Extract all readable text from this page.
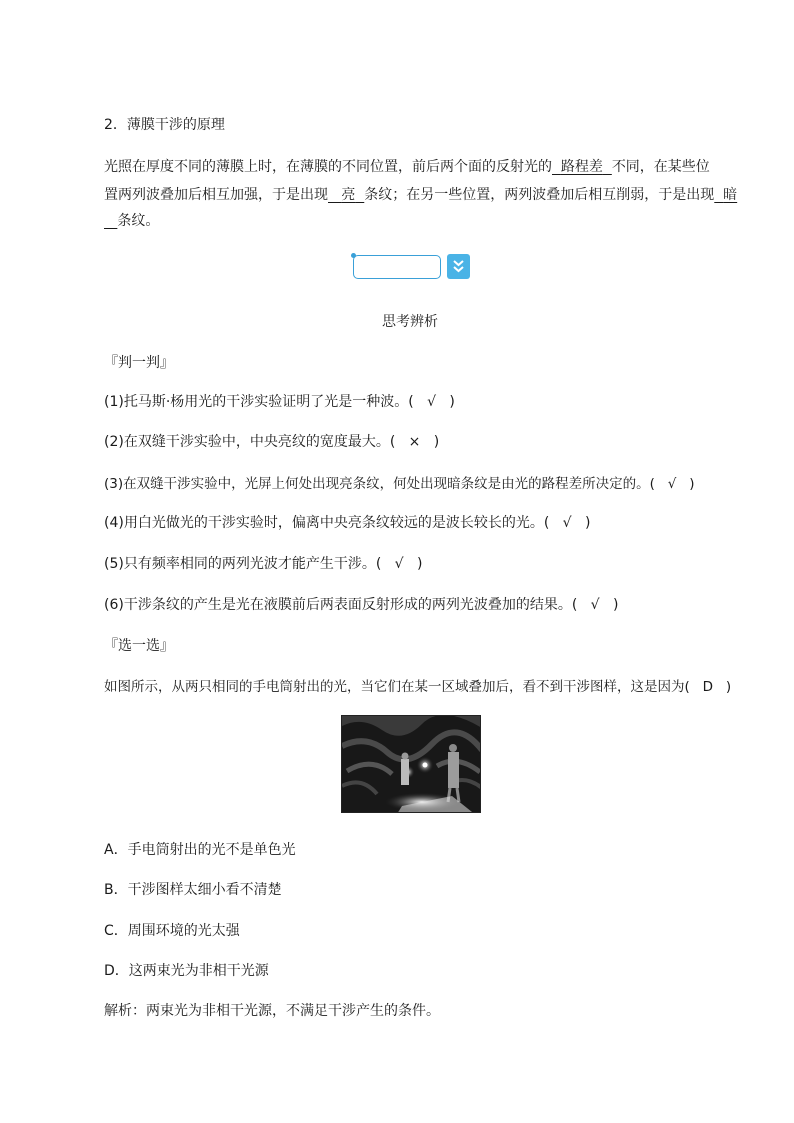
2．薄膜干涉的原理
光照在厚度不同的薄膜上时，在薄膜的不同位置，前后两个面的反射光的 路程差 不同，在某些位
置两列波叠加后相互加强，于是出现 亮 条纹；在另一些位置，两列波叠加后相互削弱，于是出现 暗
条纹。
思考辨析
『判一判』
(1)托马斯·杨用光的干涉实验证明了光是一种波。( √ )
(2)在双缝干涉实验中，中央亮纹的宽度最大。( × )
(3)在双缝干涉实验中，光屏上何处出现亮条纹，何处出现暗条纹是由光的路程差所决定的。( √ )
(4)用白光做光的干涉实验时，偏离中央亮条纹较远的是波长较长的光。( √ )
(5)只有频率相同的两列光波才能产生干涉。( √ )
(6)干涉条纹的产生是光在液膜前后两表面反射形成的两列光波叠加的结果。( √ )
『选一选』
如图所示，从两只相同的手电筒射出的光，当它们在某一区域叠加后，看不到干涉图样，这是因为( D )
A．手电筒射出的光不是单色光
B．干涉图样太细小看不清楚
C．周围环境的光太强
D．这两束光为非相干光源
解析：两束光为非相干光源，不满足干涉产生的条件。
